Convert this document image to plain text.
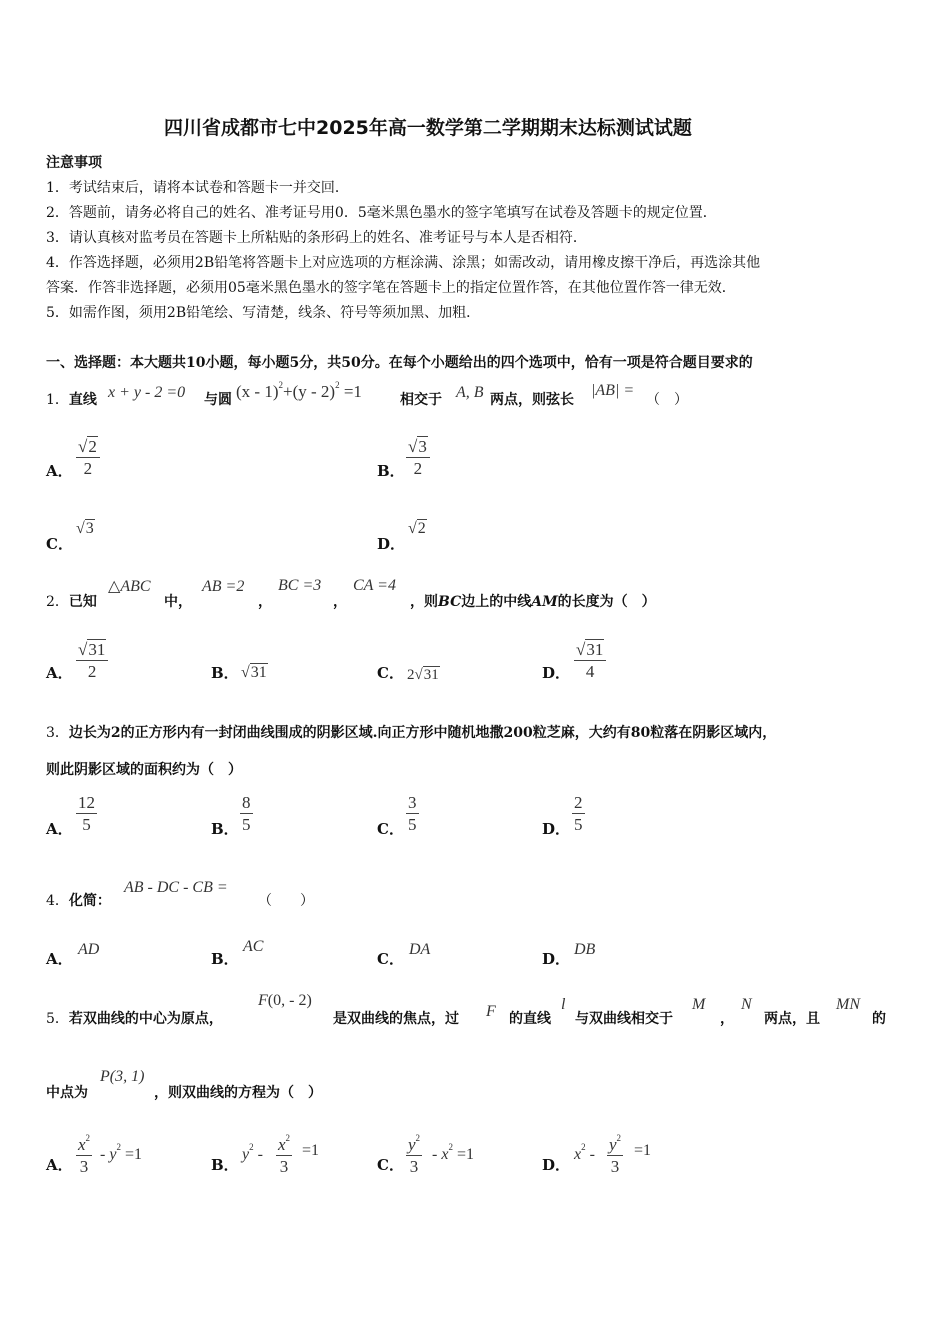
四川省成都市七中2025年高一数学第二学期期末达标测试试题
注意事项
1．考试结束后，请将本试卷和答题卡一并交回．
2．答题前，请务必将自己的姓名、准考证号用0．5毫米黑色墨水的签字笔填写在试卷及答题卡的规定位置．
3．请认真核对监考员在答题卡上所粘贴的条形码上的姓名、准考证号与本人是否相符．
4．作答选择题，必须用2B铅笔将答题卡上对应选项的方框涂满、涂黑；如需改动，请用橡皮擦干净后，再选涂其他
答案．作答非选择题，必须用05毫米黑色墨水的签字笔在答题卡上的指定位置作答，在其他位置作答一律无效．
5．如需作图，须用2B铅笔绘、写清楚，线条、符号等须加黑、加粗．
一、选择题：本大题共10小题，每小题5分，共50分。在每个小题给出的四个选项中，恰有一项是符合题目要求的
1．直线 x + y - 2 =0 与圆 (x - 1)$^2$+(y - 2)$^2$ =1	相交于 A, B 两点，则弦长
|AB| =
（　）
A． $\frac{√2}{2}$	B． $\frac{√3}{2}$
C．
√3
D．
√2
2．已知
△ABC
中，
AB =2
，
BC =3
，
CA =4
，则BC边上的中线AM的长度为（　）
A． $\frac{√31}{2}$	B． √31	C． 2√31	D． $\frac{√31}{4}$
3．边长为2的正方形内有一封闭曲线围成的阴影区域.向正方形中随机地撒200粒芝麻，大约有80粒落在阴影区域内，
则此阴影区域的面积约为（　）
A． $\frac{12}{5}$	B． $\frac{8}{5}$	C． $\frac{3}{5}$	D． $\frac{2}{5}$
4．化简：
AB - DC - CB =
（　　）
A．
AD
B．
AC
C．
DA
D．
DB
5．若双曲线的中心为原点，
F(0, - 2)
是双曲线的焦点，过 F 的直线
l
与双曲线相交于
M
，
N
两点，且
MN
的
中点为
P(3, 1)
，则双曲线的方程为（　）
A． $\frac{x^2}{3} - y^2 =1$
B．
$y^2 - \frac{x^2}{3} =1$
C． $\frac{y^2}{3} - x^2 =1$
D．
$x^2 - \frac{y^2}{3} =1$
